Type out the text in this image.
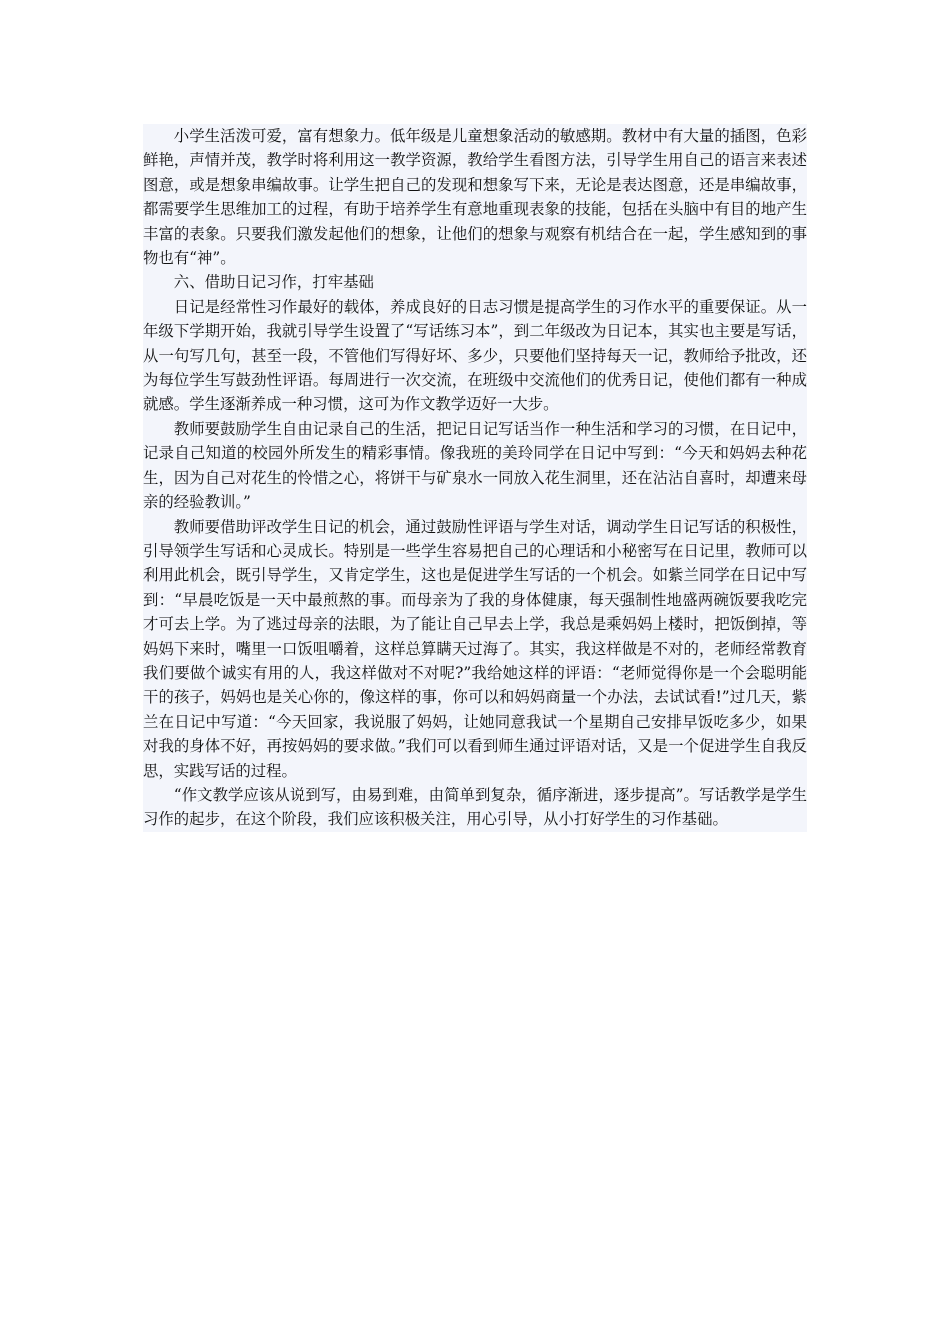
小学生活泼可爱，富有想象力。低年级是儿童想象活动的敏感期。教材中有大量的插图，色彩鲜艳，声情并茂，教学时将利用这一教学资源，教给学生看图方法，引导学生用自己的语言来表述图意，或是想象串编故事。让学生把自己的发现和想象写下来，无论是表达图意，还是串编故事，都需要学生思维加工的过程，有助于培养学生有意地重现表象的技能，包括在头脑中有目的地产生丰富的表象。只要我们激发起他们的想象，让他们的想象与观察有机结合在一起，学生感知到的事物也有“神”。

六、借助日记习作，打牢基础

日记是经常性习作最好的载体，养成良好的日志习惯是提高学生的习作水平的重要保证。从一年级下学期开始，我就引导学生设置了“写话练习本”，到二年级改为日记本，其实也主要是写话，从一句写几句，甚至一段，不管他们写得好坏、多少，只要他们坚持每天一记，教师给予批改，还为每位学生写鼓劲性评语。每周进行一次交流，在班级中交流他们的优秀日记，使他们都有一种成就感。学生逐渐养成一种习惯，这可为作文教学迈好一大步。

教师要鼓励学生自由记录自己的生活，把记日记写话当作一种生活和学习的习惯，在日记中，记录自己知道的校园外所发生的精彩事情。像我班的美玲同学在日记中写到：“今天和妈妈去种花生，因为自己对花生的怜惜之心，将饼干与矿泉水一同放入花生洞里，还在沾沾自喜时，却遭来母亲的经验教训。”

教师要借助评改学生日记的机会，通过鼓励性评语与学生对话，调动学生日记写话的积极性，引导领学生写话和心灵成长。特别是一些学生容易把自己的心理话和小秘密写在日记里，教师可以利用此机会，既引导学生，又肯定学生，这也是促进学生写话的一个机会。如紫兰同学在日记中写到：“早晨吃饭是一天中最煎熬的事。而母亲为了我的身体健康，每天强制性地盛两碗饭要我吃完才可去上学。为了逃过母亲的法眼，为了能让自己早去上学，我总是乘妈妈上楼时，把饭倒掉，等妈妈下来时，嘴里一口饭咀嚼着，这样总算瞒天过海了。其实，我这样做是不对的，老师经常教育我们要做个诚实有用的人，我这样做对不对呢?”我给她这样的评语：“老师觉得你是一个会聪明能干的孩子，妈妈也是关心你的，像这样的事，你可以和妈妈商量一个办法，去试试看!”过几天，紫兰在日记中写道：“今天回家，我说服了妈妈，让她同意我试一个星期自己安排早饭吃多少，如果对我的身体不好，再按妈妈的要求做。”我们可以看到师生通过评语对话，又是一个促进学生自我反思，实践写话的过程。

“作文教学应该从说到写，由易到难，由简单到复杂，循序渐进，逐步提高”。写话教学是学生习作的起步，在这个阶段，我们应该积极关注，用心引导，从小打好学生的习作基础。
